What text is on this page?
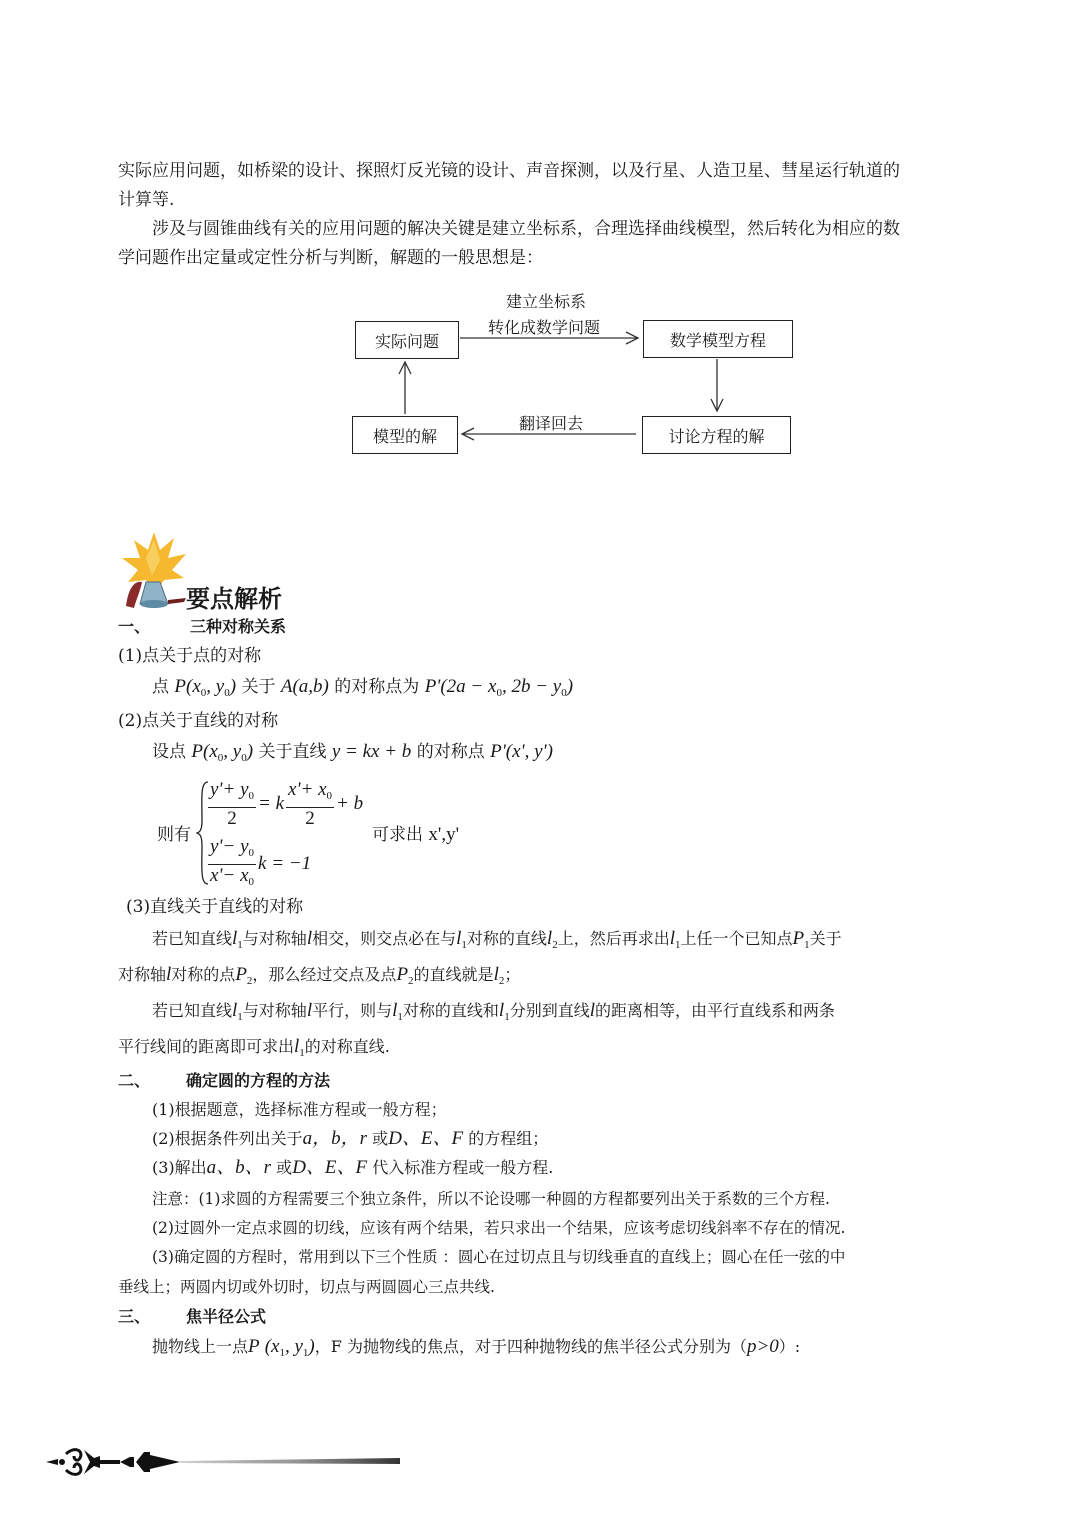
实际应用问题，如桥梁的设计、探照灯反光镜的设计、声音探测，以及行星、人造卫星、彗星运行轨道的
计算等.
涉及与圆锥曲线有关的应用问题的解决关键是建立坐标系，合理选择曲线模型，然后转化为相应的数
学问题作出定量或定性分析与判断，解题的一般思想是：
建立坐标系
转化成数学问题
实际问题	数学模型方程
讨论方程的解
模型的解
翻译回去
要点解析
一、	三种对称关系
(1)点关于点的对称
点 $P(x_0$, $y_0$) 关于 A(a,b) 的对称点为 $P'(2a - x_0$, $2b - y_0$)
(2)点关于直线的对称
设点 $P(x_0$, $y_0$) 关于直线 y = kx + b 的对称点 P'(x', y')
则有
$\frac{y'+ y_0}{2} = k \frac{x'+ x_0}{2} + b$
$\frac{y'- y_0}{x'- x_0}$ k = −1
可求出 x',y'
(3)直线关于直线的对称
若已知直线$l_1$与对称轴l相交，则交点必在与$l_1$对称的直线$l_2$上，然后再求出$l_1$上任一个已知点$P_1$关于
对称轴l对称的点$P_2$，那么经过交点及点$P_2$的直线就是$l_2$；
若已知直线$l_1$与对称轴l平行，则与$l_1$对称的直线和$l_1$分别到直线l的距离相等，由平行直线系和两条
平行线间的距离即可求出$l_1$的对称直线.
二、 确定圆的方程的方法
(1)根据题意，选择标准方程或一般方程；
(2)根据条件列出关于a，b，r 或D、E、F 的方程组；
(3)解出a、b、r 或D、E、F 代入标准方程或一般方程.
注意：(1)求圆的方程需要三个独立条件，所以不论设哪一种圆的方程都要列出关于系数的三个方程.
(2)过圆外一定点求圆的切线，应该有两个结果，若只求出一个结果，应该考虑切线斜率不存在的情况.
(3)确定圆的方程时，常用到以下三个性质 ：圆心在过切点且与切线垂直的直线上；圆心在任一弦的中
垂线上；两圆内切或外切时，切点与两圆圆心三点共线.
三、 焦半径公式
抛物线上一点P ($x_1$, $y_1$)，F 为抛物线的焦点，对于四种抛物线的焦半径公式分别为（p>0）:
